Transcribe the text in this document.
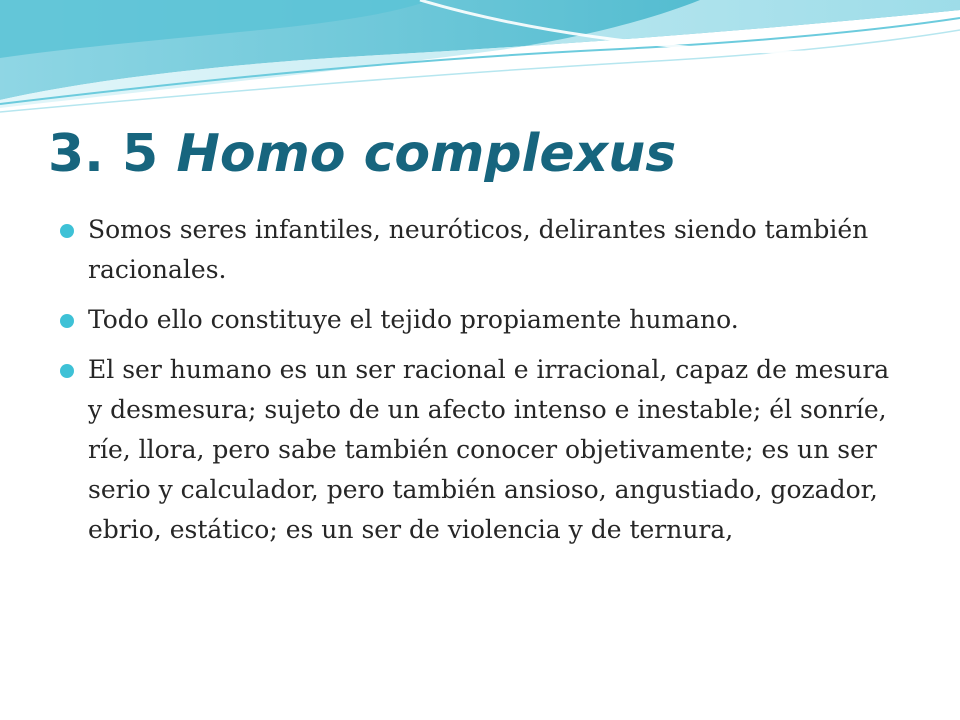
3. 5 Homo complexus
Somos seres infantiles, neuróticos, delirantes siendo también racionales.
Todo ello constituye el tejido propiamente humano.
El ser humano es un ser racional e irracional, capaz de mesura y desmesura; sujeto de un afecto intenso e inestable; él sonríe, ríe, llora, pero sabe también conocer objetivamente; es un ser serio y calculador, pero también ansioso, angustiado, gozador, ebrio, estático; es un ser de violencia y de ternura,
